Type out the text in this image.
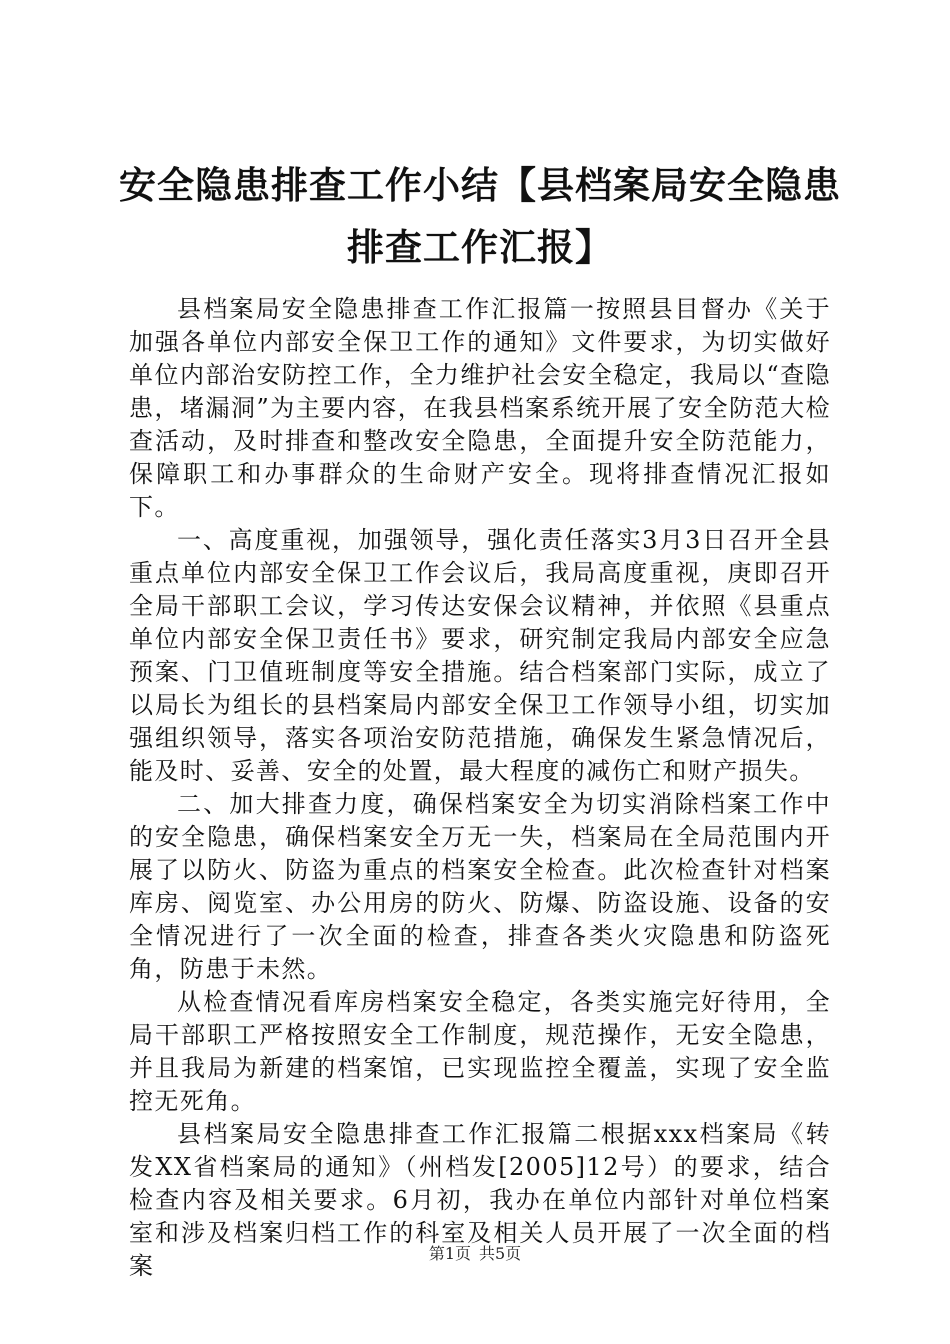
安全隐患排查工作小结【县档案局安全隐患排查工作汇报】

县档案局安全隐患排查工作汇报篇一按照县目督办《关于加强各单位内部安全保卫工作的通知》文件要求，为切实做好单位内部治安防控工作，全力维护社会安全稳定，我局以“查隐患，堵漏洞”为主要内容，在我县档案系统开展了安全防范大检查活动，及时排查和整改安全隐患，全面提升安全防范能力，保障职工和办事群众的生命财产安全。现将排查情况汇报如下。

一、高度重视，加强领导，强化责任落实3月3日召开全县重点单位内部安全保卫工作会议后，我局高度重视，庚即召开全局干部职工会议，学习传达安保会议精神，并依照《县重点单位内部安全保卫责任书》要求，研究制定我局内部安全应急预案、门卫值班制度等安全措施。结合档案部门实际，成立了以局长为组长的县档案局内部安全保卫工作领导小组，切实加强组织领导，落实各项治安防范措施，确保发生紧急情况后，能及时、妥善、安全的处置，最大程度的减伤亡和财产损失。

二、加大排查力度，确保档案安全为切实消除档案工作中的安全隐患，确保档案安全万无一失，档案局在全局范围内开展了以防火、防盗为重点的档案安全检查。此次检查针对档案库房、阅览室、办公用房的防火、防爆、防盗设施、设备的安全情况进行了一次全面的检查，排查各类火灾隐患和防盗死角，防患于未然。

从检查情况看库房档案安全稳定，各类实施完好待用，全局干部职工严格按照安全工作制度，规范操作，无安全隐患，并且我局为新建的档案馆，已实现监控全覆盖，实现了安全监控无死角。

县档案局安全隐患排查工作汇报篇二根据xxx档案局《转发XX省档案局的通知》（州档发[2005]12号）的要求，结合检查内容及相关要求。6月初，我办在单位内部针对单位档案室和涉及档案归档工作的科室及相关人员开展了一次全面的档案	第1页 共5页
